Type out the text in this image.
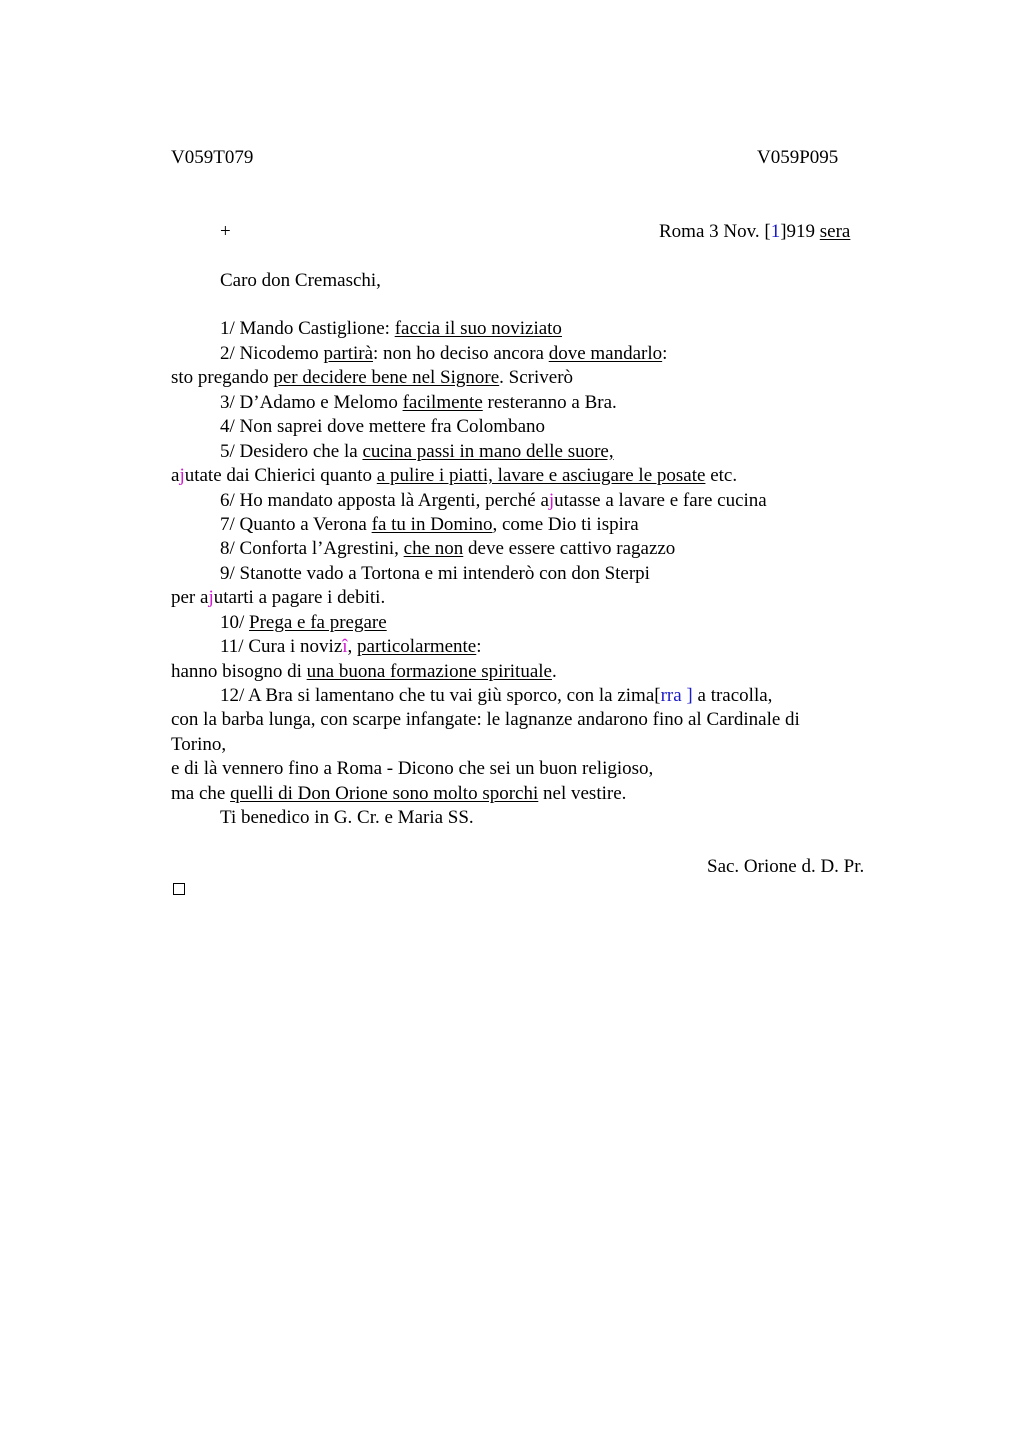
V059T079	V059P095
+	Roma 3 Nov. [1]919 sera
Caro don Cremaschi,
1/ Mando Castiglione: faccia il suo noviziato
2/ Nicodemo partirà: non ho deciso ancora dove mandarlo:
sto pregando per decidere bene nel Signore. Scriverò
3/ D’Adamo e Melomo facilmente resteranno a Bra.
4/ Non saprei dove mettere fra Colombano
5/ Desidero che la cucina passi in mano delle suore,
ajutate dai Chierici quanto a pulire i piatti, lavare e asciugare le posate etc.
6/ Ho mandato apposta là Argenti, perché ajutasse a lavare e fare cucina
7/ Quanto a Verona fa tu in Domino, come Dio ti ispira
8/ Conforta l’Agrestini, che non deve essere cattivo ragazzo
9/ Stanotte vado a Tortona e mi intenderò con don Sterpi
per ajutarti a pagare i debiti.
10/ Prega e fa pregare
11/ Cura i novizî, particolarmente:
hanno bisogno di una buona formazione spirituale.
12/ A Bra si lamentano che tu vai giù sporco, con la zima[rra ] a tracolla,
con la barba lunga, con scarpe infangate: le lagnanze andarono fino al Cardinale di
Torino,
e di là vennero fino a Roma - Dicono che sei un buon religioso,
ma che quelli di Don Orione sono molto sporchi nel vestire.
Ti benedico in G. Cr. e Maria SS.
Sac. Orione d. D. Pr.
